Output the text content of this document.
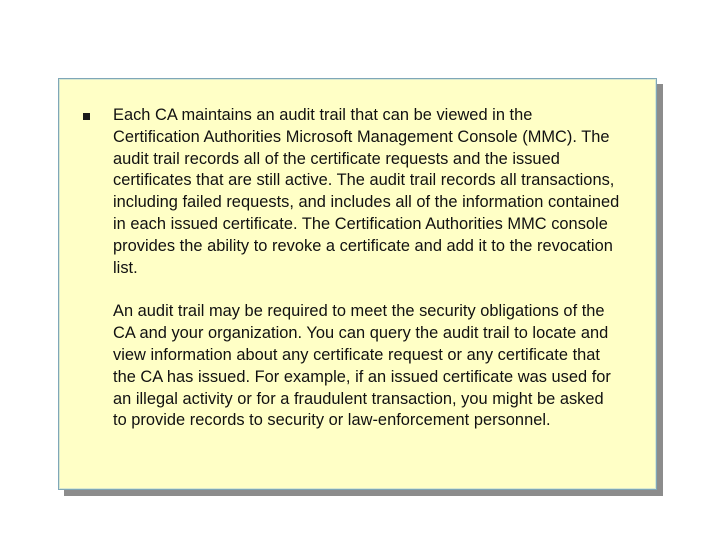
Each CA maintains an audit trail that can be viewed in the
Certification Authorities Microsoft Management Console (MMC). The
audit trail records all of the certificate requests and the issued
certificates that are still active. The audit trail records all transactions,
including failed requests, and includes all of the information contained
in each issued certificate. The Certification Authorities MMC console
provides the ability to revoke a certificate and add it to the revocation
list.

An audit trail may be required to meet the security obligations of the
CA and your organization. You can query the audit trail to locate and
view information about any certificate request or any certificate that
the CA has issued. For example, if an issued certificate was used for
an illegal activity or for a fraudulent transaction, you might be asked
to provide records to security or law-enforcement personnel.
